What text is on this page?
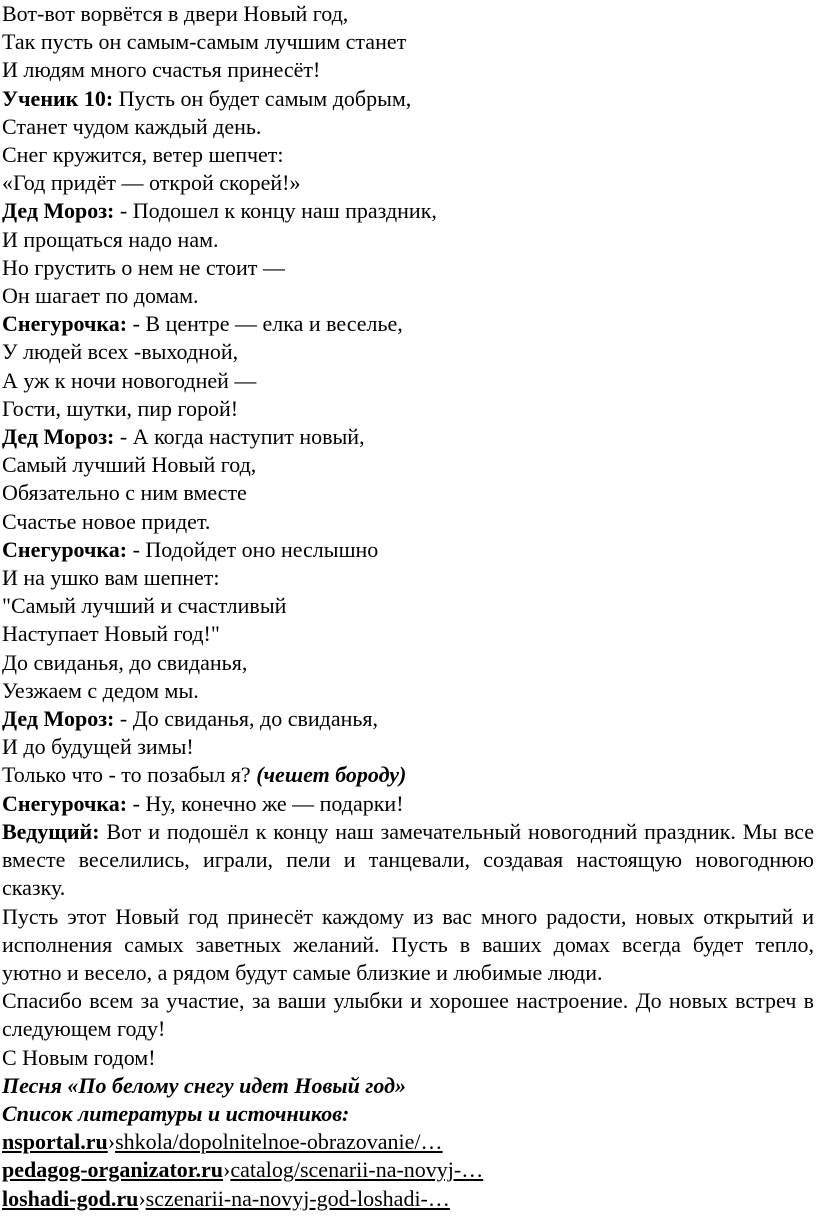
Вот-вот ворвётся в двери Новый год,
Так пусть он самым-самым лучшим станет
И людям много счастья принесёт!
Ученик 10: Пусть он будет самым добрым,
Станет чудом каждый день.
Снег кружится, ветер шепчет:
«Год придёт — открой скорей!»
Дед Мороз: - Подошел к концу наш праздник,
И прощаться надо нам.
Но грустить о нем не стоит —
Он шагает по домам.
Снегурочка: - В центре — елка и веселье,
У людей всех -выходной,
А уж к ночи новогодней —
Гости, шутки, пир горой!
Дед Мороз: - А когда наступит новый,
Самый лучший Новый год,
Обязательно с ним вместе
Счастье новое придет.
Снегурочка: - Подойдет оно неслышно
И на ушко вам шепнет:
"Самый лучший и счастливый
Наступает Новый год!"
До свиданья, до свиданья,
Уезжаем с дедом мы.
Дед Мороз: - До свиданья, до свиданья,
И до будущей зимы!
Только что - то позабыл я? (чешет бороду)
Снегурочка: - Ну, конечно же — подарки!
Ведущий: Вот и подошёл к концу наш замечательный новогодний праздник. Мы все вместе веселились, играли, пели и танцевали, создавая настоящую новогоднюю сказку.
Пусть этот Новый год принесёт каждому из вас много радости, новых открытий и исполнения самых заветных желаний. Пусть в ваших домах всегда будет тепло, уютно и весело, а рядом будут самые близкие и любимые люди.
Спасибо всем за участие, за ваши улыбки и хорошее настроение. До новых встреч в следующем году!
С Новым годом!
Песня «По белому снегу идет Новый год»
Список литературы и источников:
nsportal.ru›shkola/dopolnitelnoe-obrazovanie/…
pedagog-organizator.ru›catalog/scenarii-na-novyj-…
loshadi-god.ru›sczenarii-na-novyj-god-loshadi-…
